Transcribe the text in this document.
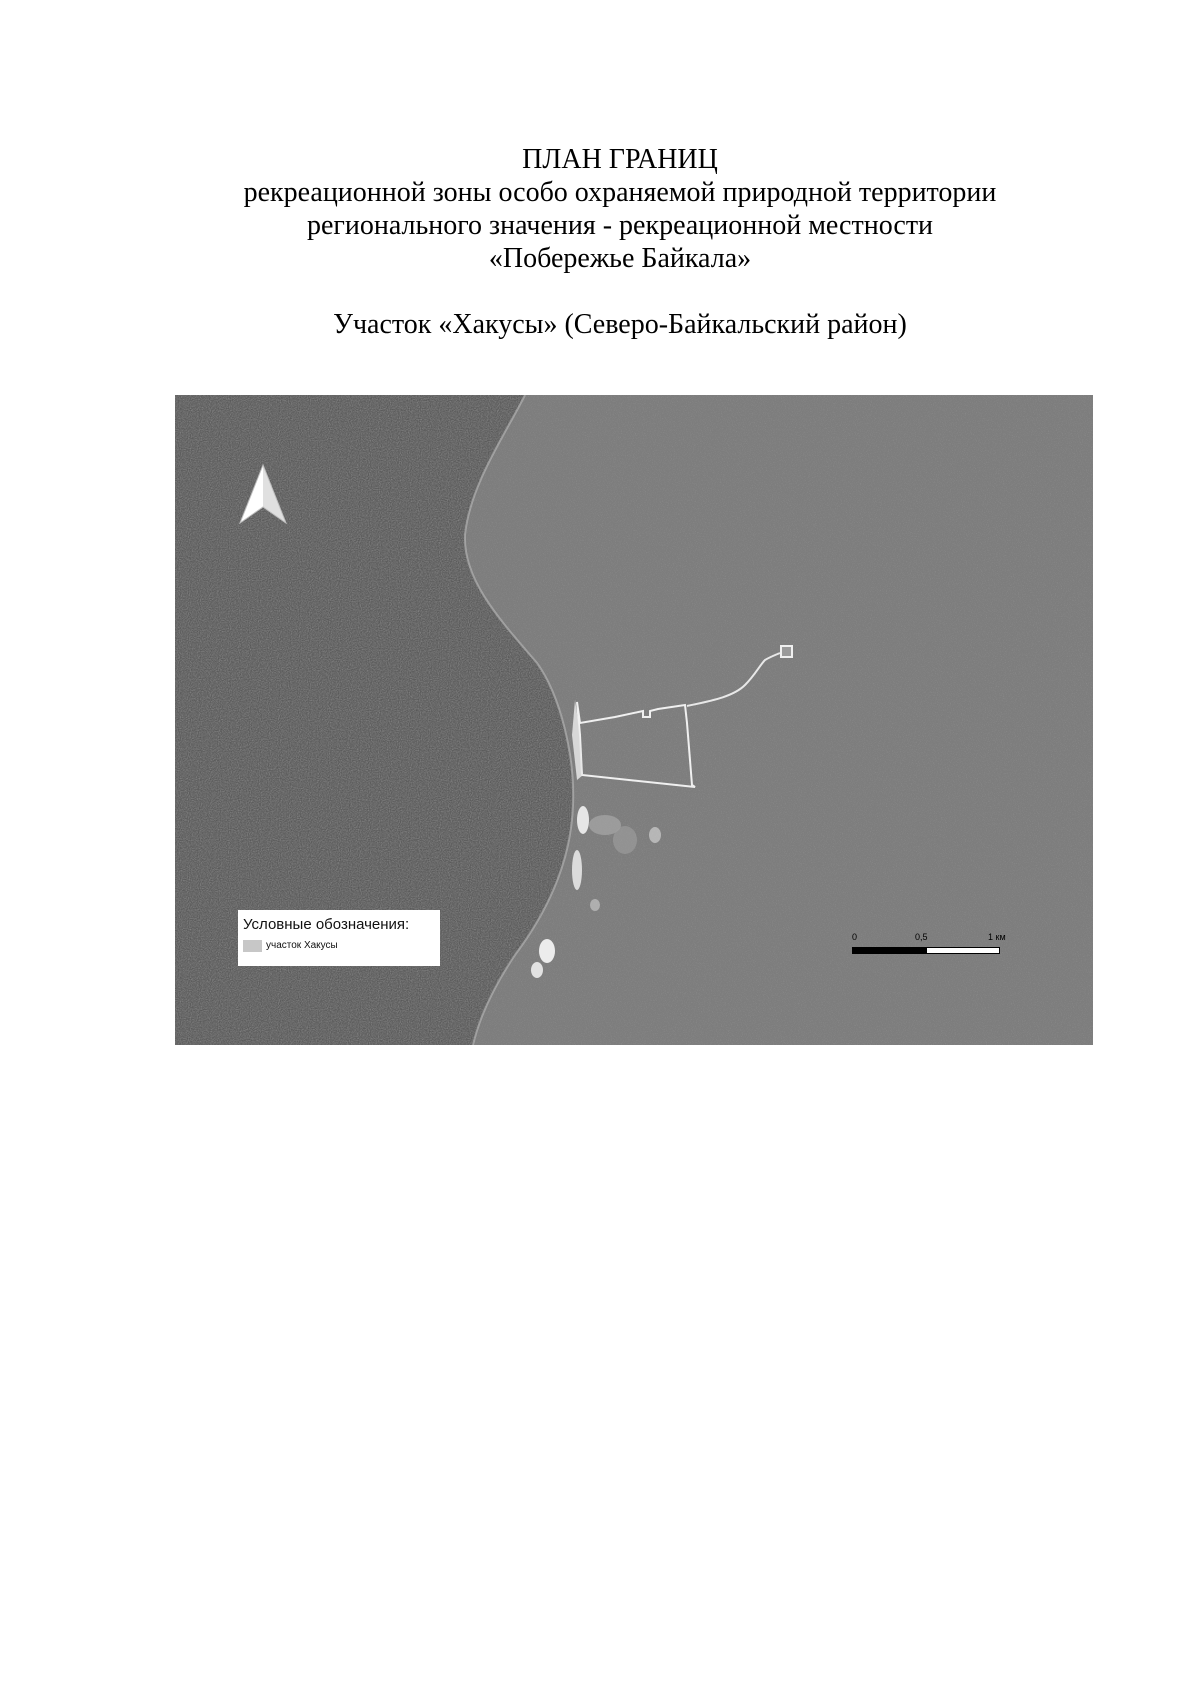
ПЛАН ГРАНИЦ
рекреационной зоны особо охраняемой природной территории
регионального значения - рекреационной местности
«Побережье Байкала»
Участок «Хакусы» (Северо-Байкальский район)
Условные обозначения:
участок Хакусы
0	0,5	1 км
